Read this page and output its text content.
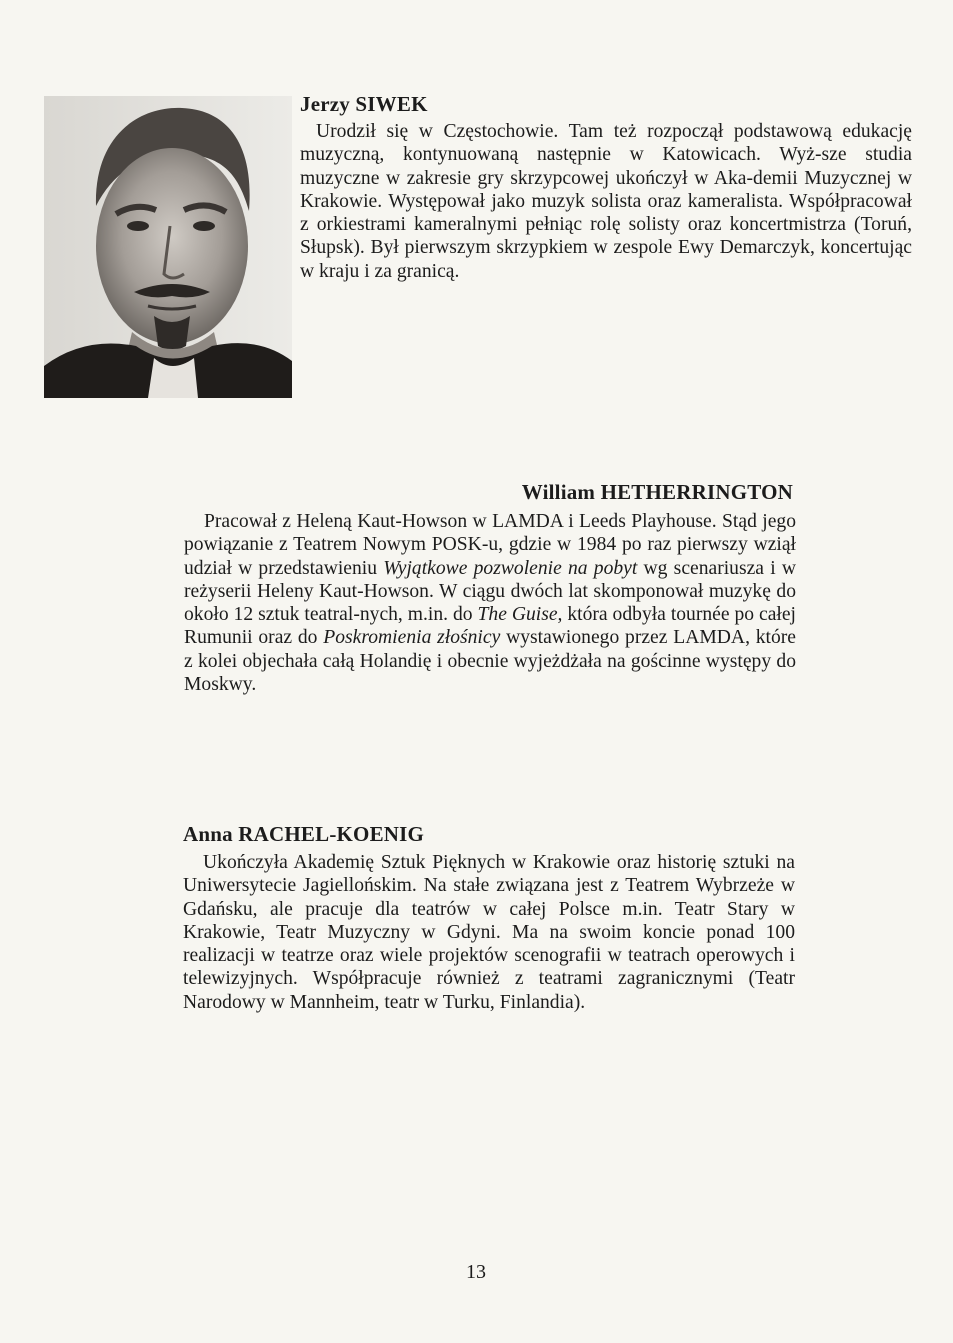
Jerzy SIWEK

Urodził się w Częstochowie. Tam też rozpoczął podstawową edukację muzyczną, kontynuowaną następnie w Katowicach. Wyż-sze studia muzyczne w zakresie gry skrzypcowej ukończył w Aka-demii Muzycznej w Krakowie. Występował jako muzyk solista oraz kameralista. Współpracował z orkiestrami kameralnymi pełniąc rolę solisty oraz koncertmistrza (Toruń, Słupsk). Był pierwszym skrzypkiem w zespole Ewy Demarczyk, koncertując w kraju i za granicą.

William HETHERRINGTON

Pracował z Heleną Kaut-Howson w LAMDA i Leeds Playhouse. Stąd jego powiązanie z Teatrem Nowym POSK-u, gdzie w 1984 po raz pierwszy wziął udział w przedstawieniu Wyjątkowe pozwolenie na pobyt wg scenariusza i w reżyserii Heleny Kaut-Howson. W ciągu dwóch lat skomponował muzykę do około 12 sztuk teatral-nych, m.in. do The Guise, która odbyła tournée po całej Rumunii oraz do Poskromienia złośnicy wystawionego przez LAMDA, które z kolei objechała całą Holandię i obecnie wyjeżdżała na gościnne występy do Moskwy.

Anna RACHEL-KOENIG

Ukończyła Akademię Sztuk Pięknych w Krakowie oraz historię sztuki na Uniwersytecie Jagiellońskim. Na stałe związana jest z Teatrem Wybrzeże w Gdańsku, ale pracuje dla teatrów w całej Polsce m.in. Teatr Stary w Krakowie, Teatr Muzyczny w Gdyni. Ma na swoim koncie ponad 100 realizacji w teatrze oraz wiele projektów scenografii w teatrach operowych i telewizyjnych. Współpracuje również z teatrami zagranicznymi (Teatr Narodowy w Mannheim, teatr w Turku, Finlandia).

13
